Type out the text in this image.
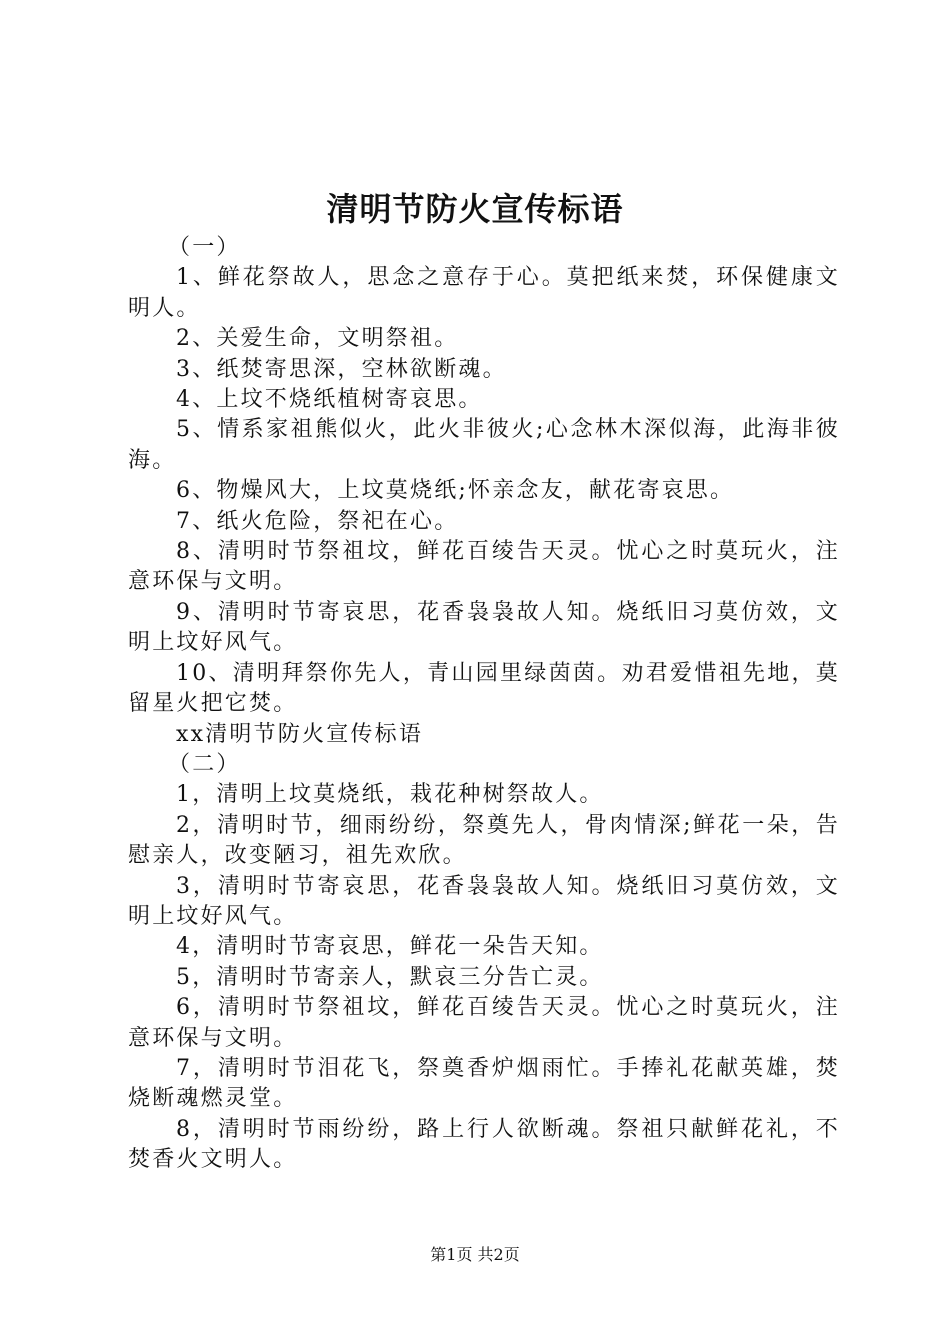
清明节防火宣传标语

（一）

1、鲜花祭故人，思念之意存于心。莫把纸来焚，环保健康文明人。

2、关爱生命，文明祭祖。

3、纸焚寄思深，空林欲断魂。

4、上坟不烧纸植树寄哀思。

5、情系家祖熊似火，此火非彼火;心念林木深似海，此海非彼海。

6、物燥风大，上坟莫烧纸;怀亲念友，献花寄哀思。

7、纸火危险，祭祀在心。

8、清明时节祭祖坟，鲜花百绫告天灵。忧心之时莫玩火，注意环保与文明。

9、清明时节寄哀思，花香袅袅故人知。烧纸旧习莫仿效，文明上坟好风气。

10、清明拜祭你先人，青山园里绿茵茵。劝君爱惜祖先地，莫留星火把它焚。

xx清明节防火宣传标语

（二）

1，清明上坟莫烧纸，栽花种树祭故人。

2，清明时节，细雨纷纷，祭奠先人，骨肉情深;鲜花一朵，告慰亲人，改变陋习，祖先欢欣。

3，清明时节寄哀思，花香袅袅故人知。烧纸旧习莫仿效，文明上坟好风气。

4，清明时节寄哀思，鲜花一朵告天知。

5，清明时节寄亲人，默哀三分告亡灵。

6，清明时节祭祖坟，鲜花百绫告天灵。忧心之时莫玩火，注意环保与文明。

7，清明时节泪花飞，祭奠香炉烟雨忙。手捧礼花献英雄，焚烧断魂燃灵堂。

8，清明时节雨纷纷，路上行人欲断魂。祭祖只献鲜花礼，不焚香火文明人。

第1页 共2页
